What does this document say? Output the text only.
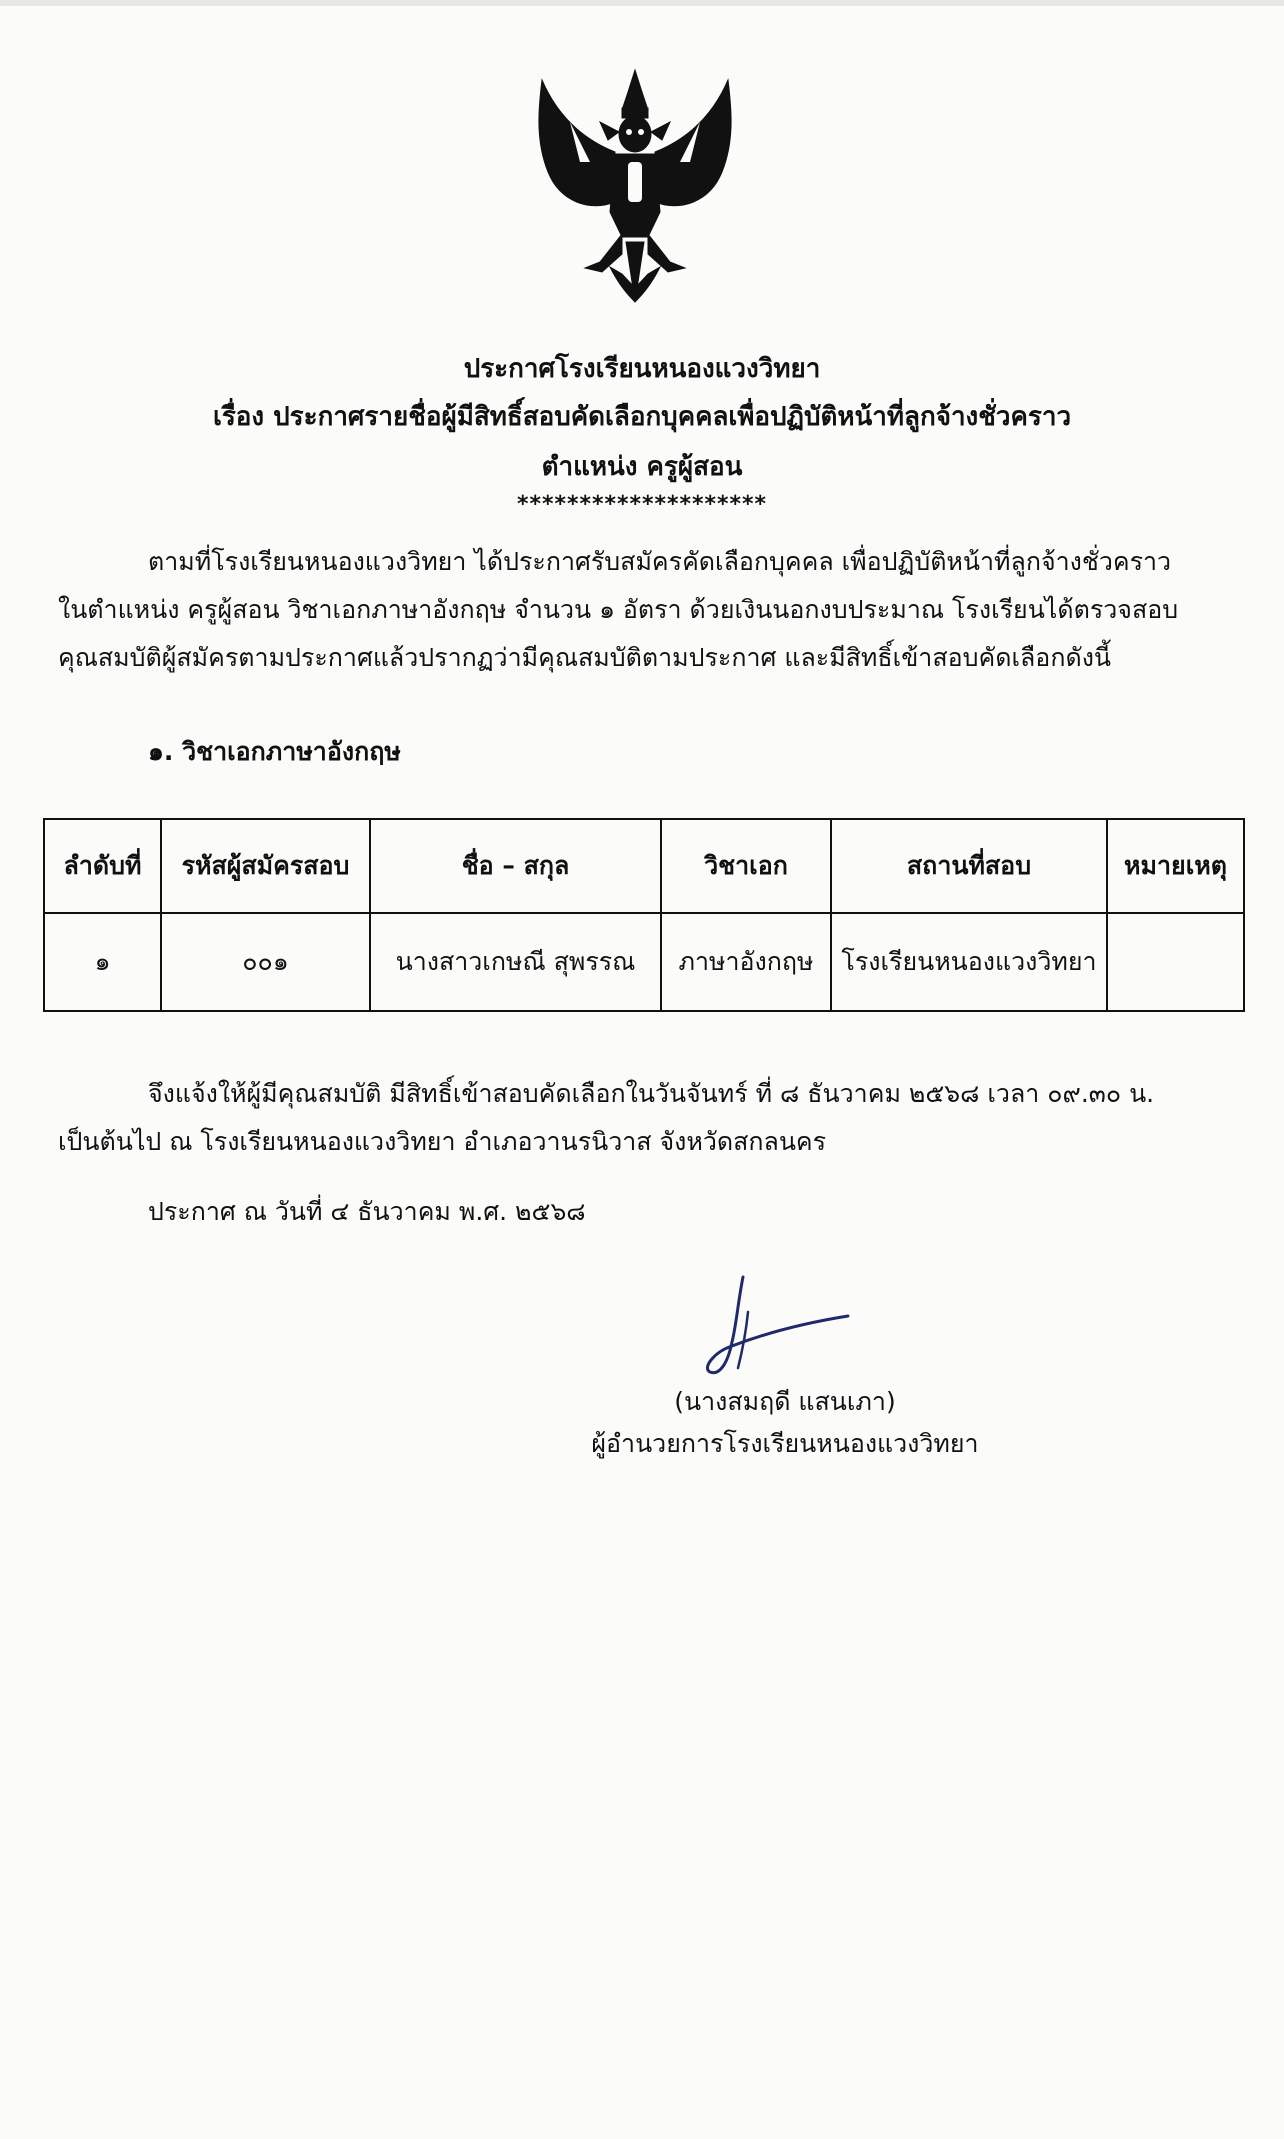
ประกาศโรงเรียนหนองแวงวิทยา
เรื่อง ประกาศรายชื่อผู้มีสิทธิ์สอบคัดเลือกบุคคลเพื่อปฏิบัติหน้าที่ลูกจ้างชั่วคราว
ตำแหน่ง ครูผู้สอน
********************
ตามที่โรงเรียนหนองแวงวิทยา ได้ประกาศรับสมัครคัดเลือกบุคคล เพื่อปฏิบัติหน้าที่ลูกจ้างชั่วคราว
ในตำแหน่ง ครูผู้สอน วิชาเอกภาษาอังกฤษ จำนวน ๑ อัตรา ด้วยเงินนอกงบประมาณ โรงเรียนได้ตรวจสอบ
คุณสมบัติผู้สมัครตามประกาศแล้วปรากฏว่ามีคุณสมบัติตามประกาศ และมีสิทธิ์เข้าสอบคัดเลือกดังนี้
๑. วิชาเอกภาษาอังกฤษ
ลำดับที่	รหัสผู้สมัครสอบ	ชื่อ – สกุล	วิชาเอก	สถานที่สอบ	หมายเหตุ
๑	๐๐๑	นางสาวเกษณี สุพรรณ	ภาษาอังกฤษ	โรงเรียนหนองแวงวิทยา	
จึงแจ้งให้ผู้มีคุณสมบัติ มีสิทธิ์เข้าสอบคัดเลือกในวันจันทร์ ที่ ๘ ธันวาคม ๒๕๖๘ เวลา ๐๙.๓๐ น.
เป็นต้นไป ณ โรงเรียนหนองแวงวิทยา อำเภอวานรนิวาส จังหวัดสกลนคร
ประกาศ ณ วันที่ ๔ ธันวาคม พ.ศ. ๒๕๖๘
(นางสมฤดี แสนเภา)
ผู้อำนวยการโรงเรียนหนองแวงวิทยา
